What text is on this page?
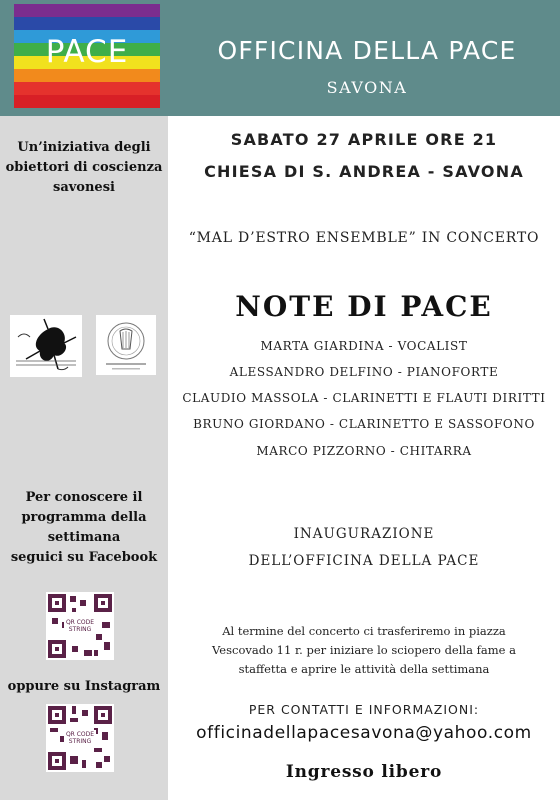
PACE	OFFICINA DELLA PACE
SAVONA
Un’iniziativa degli
obiettori di coscienza
savonesi
Per conoscere il
programma della
settimana
seguici su Facebook
QR CODE STRING
oppure su Instagram
QR CODE STRING
SABATO 27 APRILE ORE 21
CHIESA DI S. ANDREA - SAVONA
“MAL D’ESTRO ENSEMBLE” IN CONCERTO
NOTE DI PACE
MARTA GIARDINA - VOCALIST
ALESSANDRO DELFINO - PIANOFORTE
CLAUDIO MASSOLA - CLARINETTI E FLAUTI DIRITTI
BRUNO GIORDANO - CLARINETTO E SASSOFONO
MARCO PIZZORNO - CHITARRA
INAUGURAZIONE
DELL’OFFICINA DELLA PACE
Al termine del concerto ci trasferiremo in piazza
Vescovado 11 r. per iniziare lo sciopero della fame a
staffetta e aprire le attività della settimana
PER CONTATTI E INFORMAZIONI:
officinadellapacesavona@yahoo.com
Ingresso libero
